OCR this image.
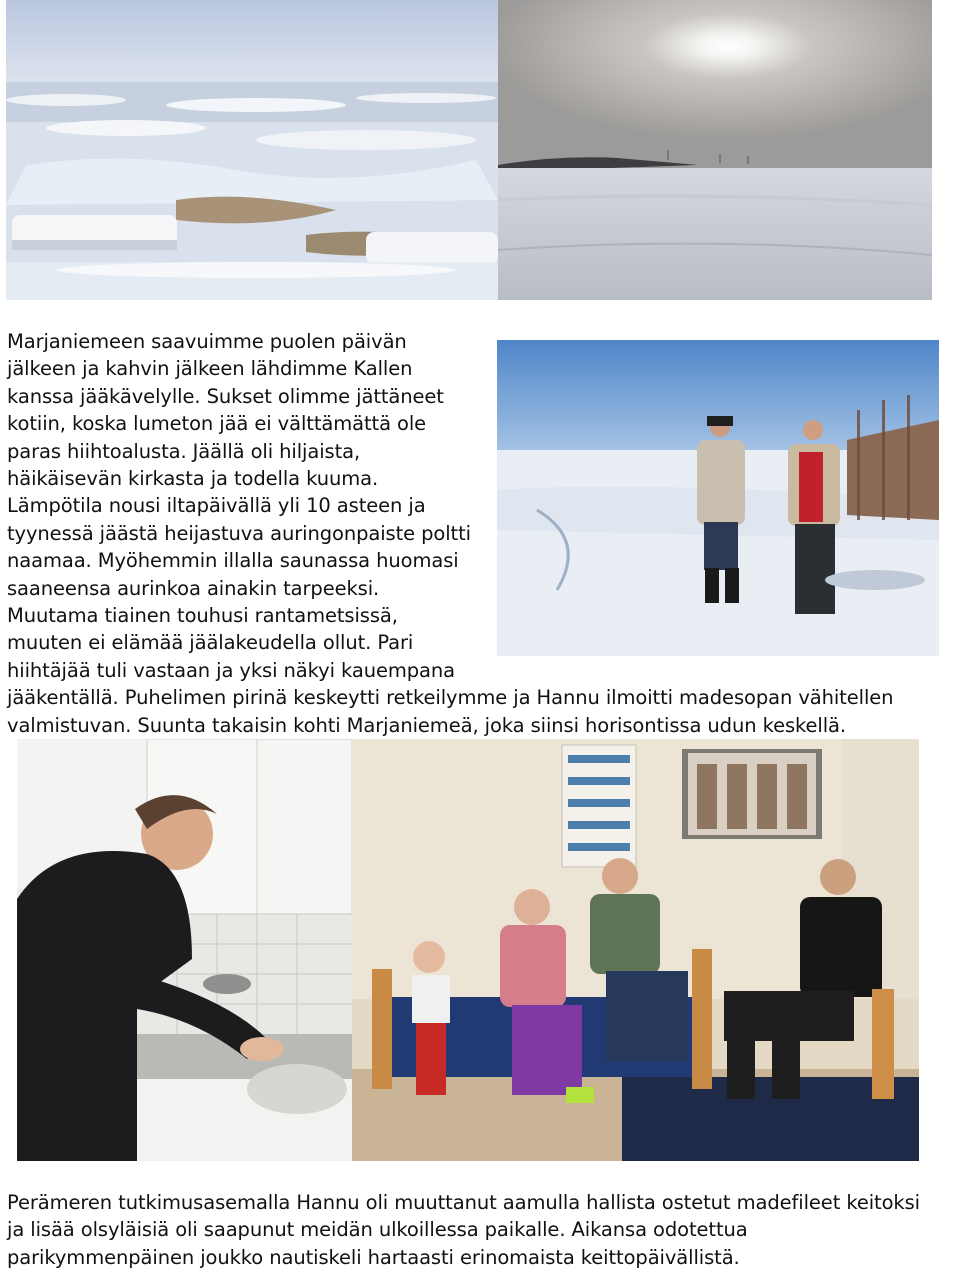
Marjaniemeen saavuimme puolen päivän
jälkeen ja kahvin jälkeen lähdimme Kallen
kanssa jääkävelylle. Sukset olimme jättäneet
kotiin, koska lumeton jää ei välttämättä ole
paras hiihtoalusta. Jäällä oli hiljaista,
häikäisevän kirkasta ja todella kuuma.
Lämpötila nousi iltapäivällä yli 10 asteen ja
tyynessä jäästä heijastuva auringonpaiste poltti
naamaa. Myöhemmin illalla saunassa huomasi
saaneensa aurinkoa ainakin tarpeeksi.
Muutama tiainen touhusi rantametsissä,
muuten ei elämää jäälakeudella ollut. Pari
hiihtäjää tuli vastaan ja yksi näkyi kauempana
jääkentällä. Puhelimen pirinä keskeytti retkeilymme ja Hannu ilmoitti madesopan vähitellen
valmistuvan. Suunta takaisin kohti Marjaniemeä, joka siinsi horisontissa udun keskellä.
Perämeren tutkimusasemalla Hannu oli muuttanut aamulla hallista ostetut madefileet keitoksi
ja lisää olsyläisiä oli saapunut meidän ulkoillessa paikalle. Aikansa odotettua
parikymmenpäinen joukko nautiskeli hartaasti erinomaista keittopäivällistä.
